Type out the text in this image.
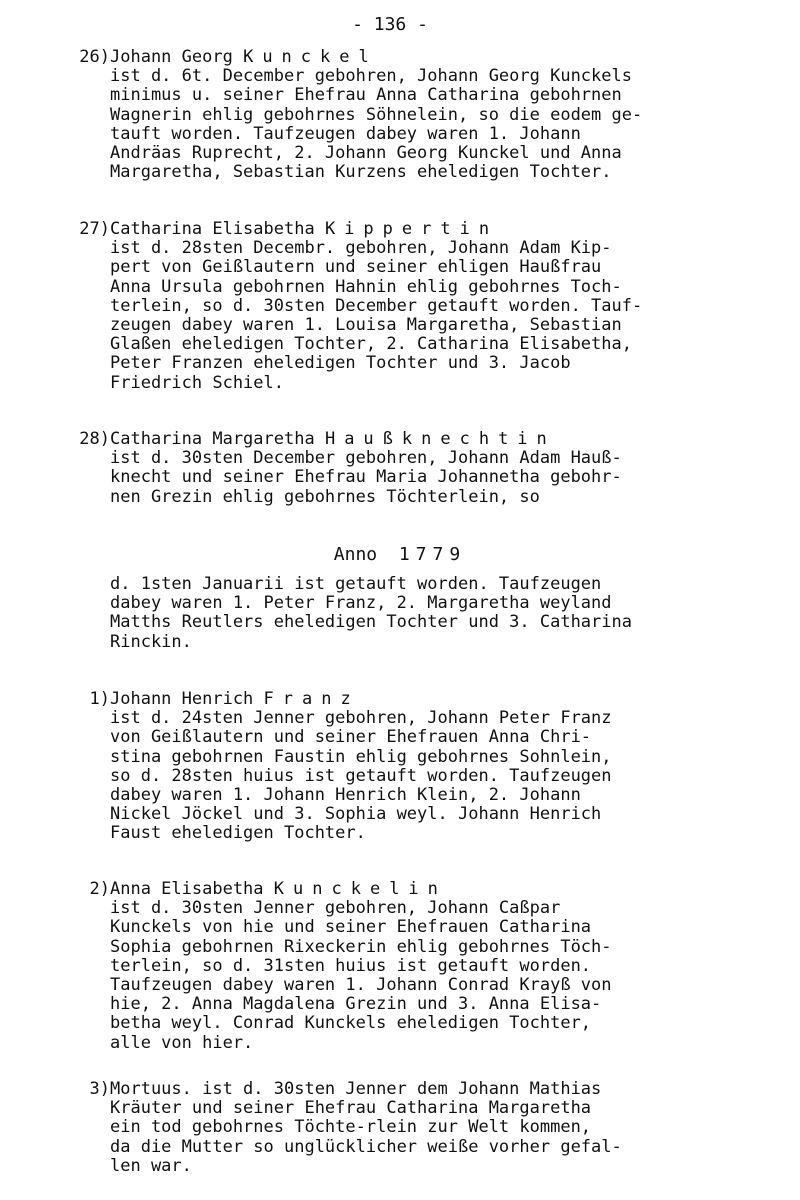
- 136 -
26) Johann Georg Kunckel
ist d. 6t. December gebohren, Johann Georg Kunckels
minimus u. seiner Ehefrau Anna Catharina gebohrnen
Wagnerin ehlig gebohrnes Söhnelein, so die eodem ge-
tauft worden. Taufzeugen dabey waren 1. Johann
Andräas Ruprecht, 2. Johann Georg Kunckel und Anna
Margaretha, Sebastian Kurzens eheledigen Tochter.
27) Catharina Elisabetha Kippertin
ist d. 28sten Decembr. gebohren, Johann Adam Kip-
pert von Geißlautern und seiner ehligen Haußfrau
Anna Ursula gebohrnen Hahnin ehlig gebohrnes Toch-
terlein, so d. 30sten December getauft worden. Tauf-
zeugen dabey waren 1. Louisa Margaretha, Sebastian
Glaßen eheledigen Tochter, 2. Catharina Elisabetha,
Peter Franzen eheledigen Tochter und 3. Jacob
Friedrich Schiel.
28) Catharina Margaretha Haußknechtin
ist d. 30sten December gebohren, Johann Adam Hauß-
knecht und seiner Ehefrau Maria Johannetha gebohr-
nen Grezin ehlig gebohrnes Töchterlein, so
Anno 1779
d. 1sten Januarii ist getauft worden. Taufzeugen
dabey waren 1. Peter Franz, 2. Margaretha weyland
Matths Reutlers eheledigen Tochter und 3. Catharina
Rinckin.
1) Johann Henrich Franz
ist d. 24sten Jenner gebohren, Johann Peter Franz
von Geißlautern und seiner Ehefrauen Anna Chri-
stina gebohrnen Faustin ehlig gebohrnes Sohnlein,
so d. 28sten huius ist getauft worden. Taufzeugen
dabey waren 1. Johann Henrich Klein, 2. Johann
Nickel Jöckel und 3. Sophia weyl. Johann Henrich
Faust eheledigen Tochter.
2) Anna Elisabetha Kunckelin
ist d. 30sten Jenner gebohren, Johann Caßpar
Kunckels von hie und seiner Ehefrauen Catharina
Sophia gebohrnen Rixeckerin ehlig gebohrnes Töch-
terlein, so d. 31sten huius ist getauft worden.
Taufzeugen dabey waren 1. Johann Conrad Krayß von
hie, 2. Anna Magdalena Grezin und 3. Anna Elisa-
betha weyl. Conrad Kunckels eheledigen Tochter,
alle von hier.
3) Mortuus. ist d. 30sten Jenner dem Johann Mathias
Kräuter und seiner Ehefrau Catharina Margaretha
ein tod gebohrnes Töchte-rlein zur Welt kommen,
da die Mutter so unglücklicher weiße vorher gefal-
len war.
